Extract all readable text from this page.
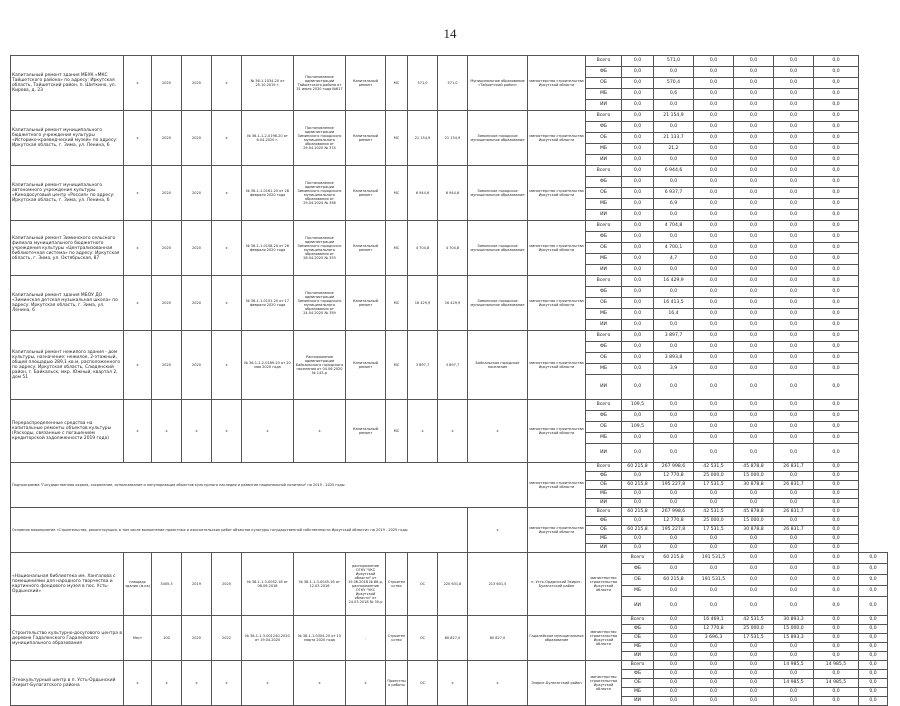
14
Капитальный ремонт здания МБУК «МКС Тайшетского района» по адресу: Иркутская область, Тайшетский район, п. Шиткино, ул. Кирова, д. 23	x	2020	2020	x	№ 36-1-1034-20 от 25.10.2019 г.	Постановление администрации Тайшетского района от 31 июля 2020 года №617	Капитальный ремонт	МС	571,0	571,0	Муниципальное образование «Тайшетский район»	министерство строительства Иркутской области	Всего	0,0	571,0	0,0	0,0	0,0	0,0	
													ФБ	0,0	0,0	0,0	0,0	0,0	0,0	
													ОБ	0,0	570,4	0,0	0,0	0,0	0,0	
													МБ	0,0	0,6	0,0	0,0	0,0	0,0	
													ИИ	0,0	0,0	0,0	0,0	0,0	0,0	
Капитальный ремонт муниципального бюджетного учреждения культуры «Историко-краеведческий музей» по адресу: Иркутская область, г. Зима, ул. Ленина, 6	x	2020	2020	x	№ 36-1-1-2-0196-20 от 6.04.2020 г.	Постановление администрации Зиминского городского муниципального образования от 29.04.2020 № 374	Капитальный ремонт	МС	21 154,9	21 154,9	Зиминское городское муниципальное образование	министерство строительства Иркутской области	Всего	0,0	21 154,9	0,0	0,0	0,0	0,0	
													ФБ	0,0	0,0	0,0	0,0	0,0	0,0	
													ОБ	0,0	21 133,7	0,0	0,0	0,0	0,0	
													МБ	0,0	21,2	0,0	0,0	0,0	0,0	
													ИИ	0,0	0,0	0,0	0,0	0,0	0,0	
Капитальный ремонт муниципального автономного учреждения культуры «Кинодосуговый центр «Россия» по адресу: Иркутская область, г. Зима, ул. Ленина, 6	x	2020	2020	x	№ 36-1-1-0161-20 от 28 февраля 2020 года	Постановление администрации Зиминского городского муниципального образования от 29.04.2020 № 358	Капитальный ремонт	МС	6 944,6	6 944,6	Зиминское городское муниципальное образование	министерство строительства Иркутской области	Всего	0,0	6 944,6	0,0	0,0	0,0	0,0	
													ФБ	0,0	0,0	0,0	0,0	0,0	0,0	
													ОБ	0,0	6 937,7	0,0	0,0	0,0	0,0	
													МБ	0,0	6,9	0,0	0,0	0,0	0,0	
													ИИ	0,0	0,0	0,0	0,0	0,0	0,0	
Капитальный ремонт Зиминского сельского филиала муниципального бюджетного учреждения культуры «Централизованная библиотечная система» по адресу: Иркутская область, г. Зима, ул. Октябрьская, 87	x	2020	2020	x	№ 36-1-1-0158-20 от 26 февраля 2020 года	Постановление администрации Зиминского городского муниципального образования от 28.04.2020 № 353	Капитальный ремонт	МС	4 704,8	4 704,8	Зиминское городское муниципальное образование	министерство строительства Иркутской области	Всего	0,0	4 704,8	0,0	0,0	0,0	0,0	
													ФБ	0,0	0,0	0,0	0,0	0,0	0,0	
													ОБ	0,0	4 700,1	0,0	0,0	0,0	0,0	
													МБ	0,0	4,7	0,0	0,0	0,0	0,0	
													ИИ	0,0	0,0	0,0	0,0	0,0	0,0	
Капитальный ремонт здания МБОУ ДО «Зиминская детская музыкальная школа» по адресу: Иркутская область, г. Зима, ул. Ленина, 6	x	2020	2020	x	№ 36-1-1-0151-20 от 17 февраля 2020 года	Постановление администрации Зиминского городского муниципального образования от 24.04.2020 № 359	Капитальный ремонт	МС	16 429,9	16 429,9	Зиминское городское муниципальное образование	министерство строительства Иркутской области	Всего	0,0	16 429,9	0,0	0,0	0,0	0,0	
													ФБ	0,0	0,0	0,0	0,0	0,0	0,0	
													ОБ	0,0	16 413,5	0,0	0,0	0,0	0,0	
													МБ	0,0	16,4	0,0	0,0	0,0	0,0	
													ИИ	0,0	0,0	0,0	0,0	0,0	0,0	
Капитальный ремонт нежилого здания - дом культуры, назначение: нежилое, 2-этажный, общей площадью 289,1 кв.м, расположенного по адресу: Иркутская область, Слюдянский район, г. Байкальск, мкр. Южный, квартал 2, дом 51	x	2020	2020	x	№ 36-1-1-2-0189-20 от 20 мая 2020 года	Распоряжение администрации Байкальского городского поселения от 04.06.2020 № 143-р	Капитальный ремонт	МС	3 897,7	3 897,7	Байкальское городское поселение	министерство строительства Иркутской области	Всего	0,0	3 897,7	0,0	0,0	0,0	0,0	
													ФБ	0,0	0,0	0,0	0,0	0,0	0,0	
													ОБ	0,0	3 893,8	0,0	0,0	0,0	0,0	
													МБ	0,0	3,9	0,0	0,0	0,0	0,0	
													ИИ	0,0	0,0	0,0	0,0	0,0	0,0	
Перераспределенные средства на капитальные ремонты объектов культуры (Расходы, связанные с погашением кредиторской задолженности 2019 года)	x	x	x	x	x	x	Капитальный ремонт	МС	x	x	x	министерство строительства Иркутской области	Всего	109,5	0,0	0,0	0,0	0,0	0,0	
													ФБ	0,0	0,0	0,0	0,0	0,0	0,0	
													ОБ	109,5	0,0	0,0	0,0	0,0	0,0	
													МБ	0,0	0,0	0,0	0,0	0,0	0,0	
													ИИ	0,0	0,0	0,0	0,0	0,0	0,0	
Подпрограмма "Государственная охрана, сохранение, использование и популяризация объектов культурного наследия и развитие национальной политики" на 2019 - 2025 годы												министерство строительства Иркутской области	Всего	60 215,8	267 998,6	42 531,5	45 878,8	26 831,7	0,0	
													ФБ	0,0	12 770,8	25 000,0	15 000,0	0,0	0,0	
													ОБ	60 215,8	195 227,8	17 531,5	30 878,8	26 831,7	0,0	
													МБ	0,0	0,0	0,0	0,0	0,0	0,0	
													ИИ	0,0	0,0	0,0	0,0	0,0	0,0	
Основное мероприятие «Строительство, реконструкция, в том числе выполнение проектных и изыскательских работ объектов культуры государственной собственности Иркутской области» на 2019 - 2025 годы											x	министерство строительства Иркутской области	Всего	60 215,8	267 998,6	42 531,5	45 878,8	26 831,7	0,0	
													ФБ	0,0	12 770,8	25 000,0	15 000,0	0,0	0,0	
													ОБ	60 215,8	195 227,8	17 531,5	30 878,8	26 831,7	0,0	
													МБ	0,0	0,0	0,0	0,0	0,0	0,0	
													ИИ	0,0	0,0	0,0	0,0	0,0	0,0	
«Национальная библиотека им. Хангалова с помещениями для народного творчества и картинного фондового музея в пос. Усть-Ордынский»	площадь здания (м.кв)	3405,3	2019	2020	№ 38-1-1-3-0052-18 от 08.06.2018	№ 38-1-1-3-0045-16 от 12.03.2016	распоряжение ОГКУ "УКС Иркутской области" от 19.06.2018 № 86-р, распоряжение ОГКУ "УКС Иркутской области" от 24.03.2018 № 30-р	Строительство	ОС	220 631,8	213 601,5	п. Усть-Ордынский Эхирит-Булагатский район	министерство строительства Иркутской области	Всего	60 215,8	191 531,5	0,0	0,0	0,0	0,0
														ФБ	0,0	0,0	0,0	0,0	0,0	0,0
														ОБ	60 215,8	191 531,5	0,0	0,0	0,0	0,0
														МБ	0,0	0,0	0,0	0,0	0,0	0,0
														ИИ	0,0	0,0	0,0	0,0	0,0	0,0
Строительство культурно-досугового центра в деревне Гадаленского Гадалейского муниципального образования	Мест	100	2020	2022	№ 38-1-1-3-001240-2020 от 19.04.2020	№ 38-1-1-0304-20 от 10 марта 2020 года	-	Строительство	ОС	80 827,0	80 827,0	Гадалейское муниципальное образование	министерство строительства Иркутской области	Всего	0,0	16 469,1	42 531,5	30 893,3	0,0	0,0
														ФБ	0,0	12 770,8	25 000,0	15 000,0	0,0	0,0
														ОБ	0,0	3 696,3	17 531,5	15 893,3	0,0	0,0
														МБ	0,0	0,0	0,0	0,0	0,0	0,0
														ИИ	0,0	0,0	0,0	0,0	0,0	0,0
Этнокультурный центр в п. Усть-Ордынский Эхирит-Булагатского района	x	x	x	x	x	x	x	Проектные работы	ОС	x	x	Эхирит-Булагатский район	министерство строительства Иркутской области	Всего	0,0	0,0	0,0	14 985,5	14 985,5	0,0
														ФБ	0,0	0,0	0,0	0,0	0,0	0,0
														ОБ	0,0	0,0	0,0	14 985,5	14 985,5	0,0
														МБ	0,0	0,0	0,0	0,0	0,0	0,0
														ИИ	0,0	0,0	0,0	0,0	0,0	0,0
